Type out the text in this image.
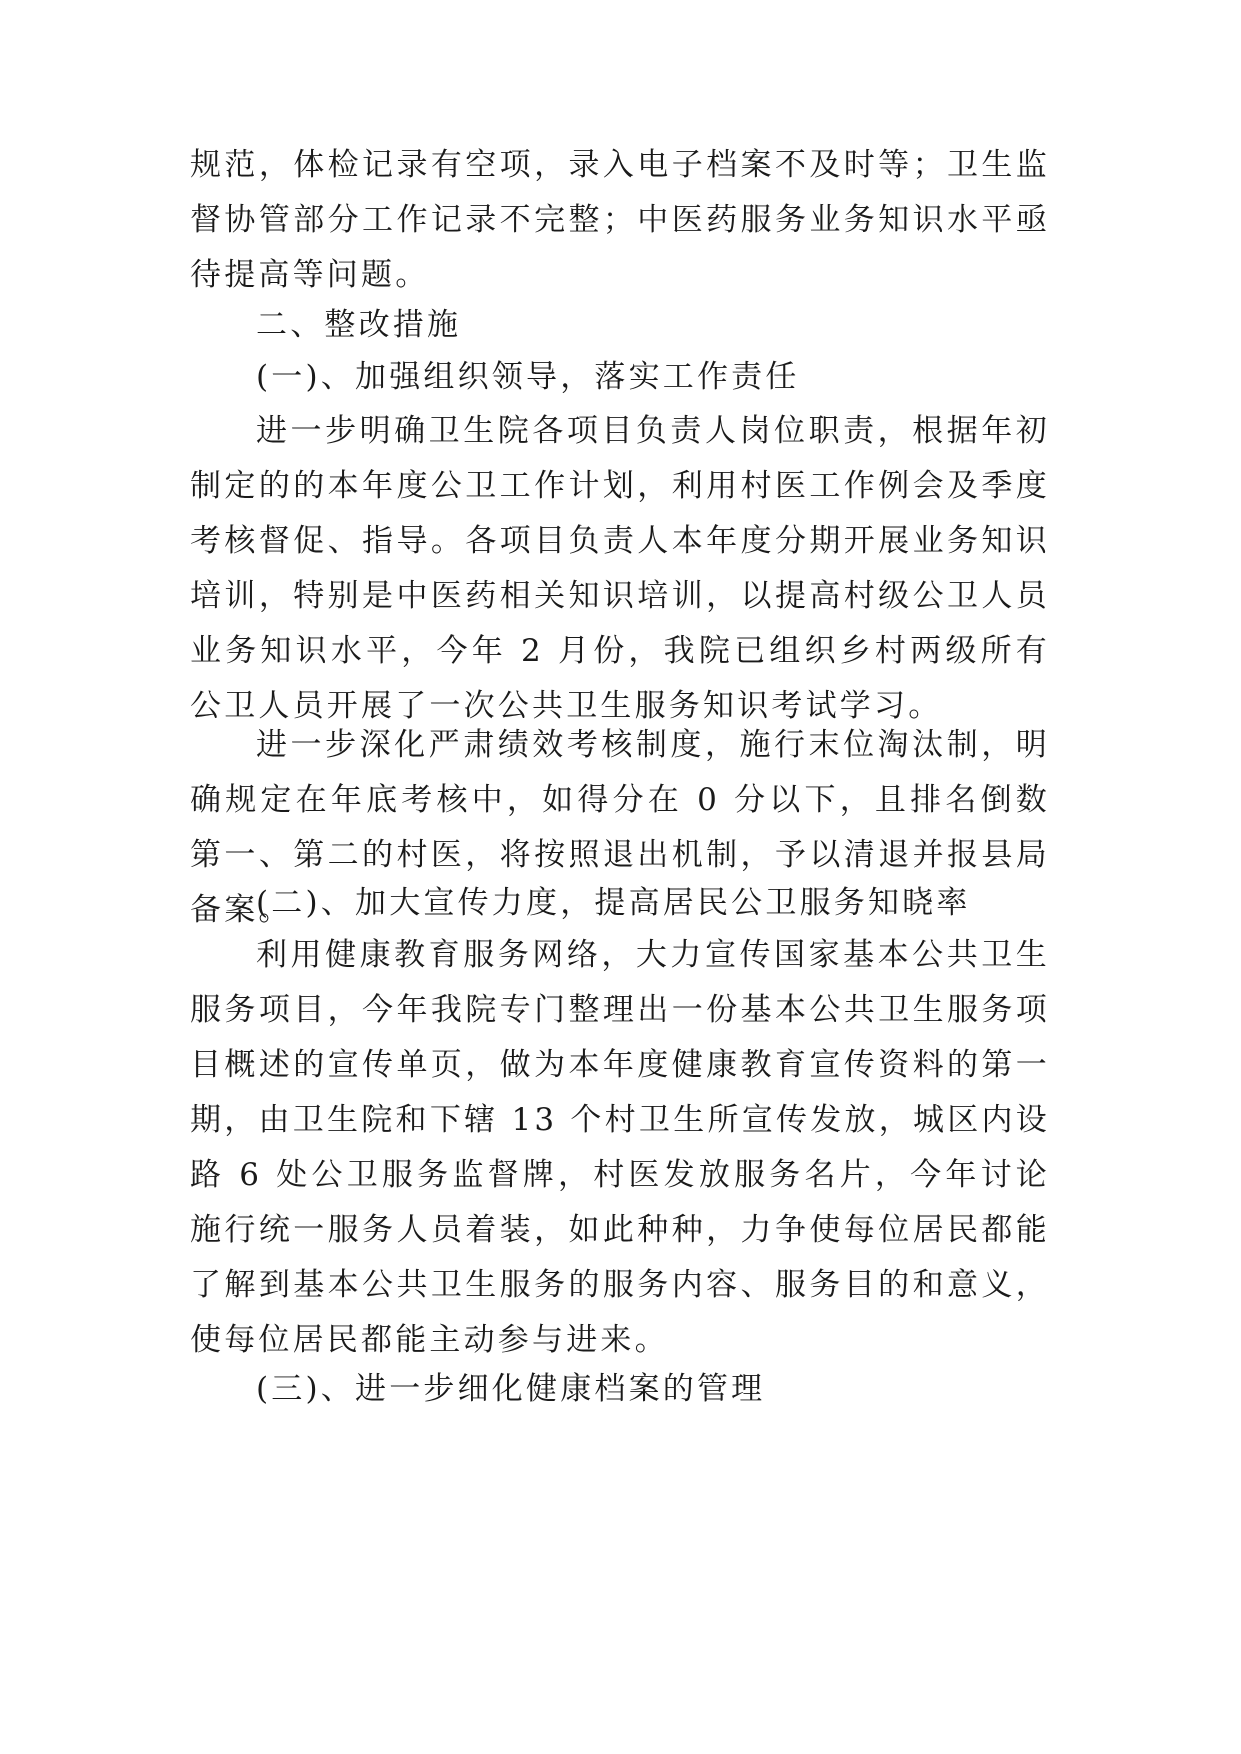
规范，体检记录有空项，录入电子档案不及时等；卫生监督协管部分工作记录不完整；中医药服务业务知识水平亟待提高等问题。

二、整改措施

(一)、加强组织领导，落实工作责任

进一步明确卫生院各项目负责人岗位职责，根据年初制定的的本年度公卫工作计划，利用村医工作例会及季度考核督促、指导。各项目负责人本年度分期开展业务知识培训，特别是中医药相关知识培训，以提高村级公卫人员业务知识水平，今年 2 月份，我院已组织乡村两级所有公卫人员开展了一次公共卫生服务知识考试学习。

进一步深化严肃绩效考核制度，施行末位淘汰制，明确规定在年底考核中，如得分在 0 分以下，且排名倒数第一、第二的村医，将按照退出机制，予以清退并报县局备案。

(二)、加大宣传力度，提高居民公卫服务知晓率

利用健康教育服务网络，大力宣传国家基本公共卫生服务项目，今年我院专门整理出一份基本公共卫生服务项目概述的宣传单页，做为本年度健康教育宣传资料的第一期，由卫生院和下辖 13 个村卫生所宣传发放，城区内设 路 6 处公卫服务监督牌，村医发放服务名片，今年讨论施行统一服务人员着装，如此种种，力争使每位居民都能了解到基本公共卫生服务的服务内容、服务目的和意义，使每位居民都能主动参与进来。

(三)、进一步细化健康档案的管理
